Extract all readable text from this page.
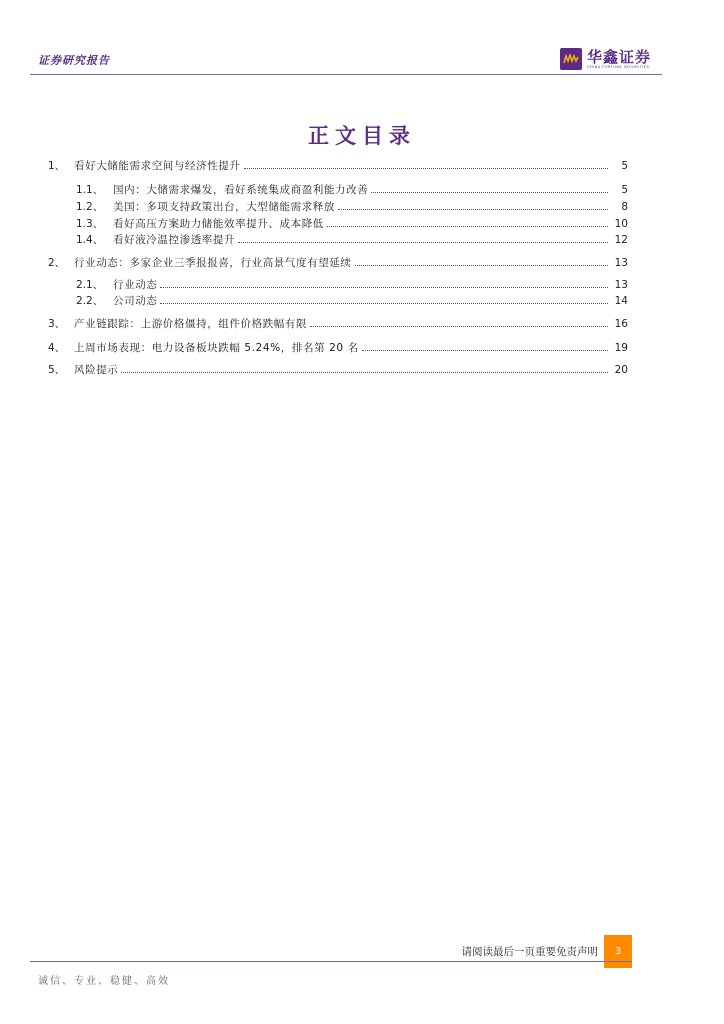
证券研究报告	华鑫证券
CHINA FORTUNE SECURITIES
正文目录
1、 看好大储能需求空间与经济性提升	5
1.1、 国内：大储需求爆发，看好系统集成商盈利能力改善	5
1.2、 美国：多项支持政策出台，大型储能需求释放	8
1.3、 看好高压方案助力储能效率提升、成本降低	10
1.4、 看好液冷温控渗透率提升	12
2、 行业动态：多家企业三季报报喜，行业高景气度有望延续	13
2.1、 行业动态	13
2.2、 公司动态	14
3、 产业链跟踪：上游价格僵持，组件价格跌幅有限	16
4、 上周市场表现：电力设备板块跌幅 5.24%，排名第 20 名	19
5、 风险提示	20
请阅读最后一页重要免责声明	3
诚信、专业、稳健、高效
